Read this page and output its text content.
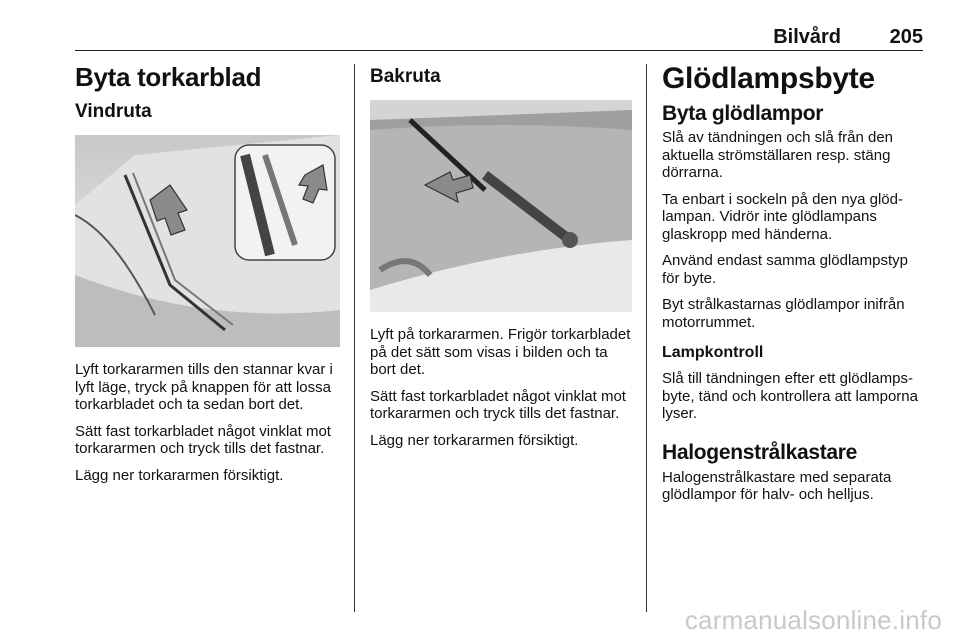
Bilvård 205
Byta torkarblad
Vindruta

Lyft torkararmen tills den stannar kvar i lyft läge, tryck på knappen för att lossa torkarbladet och ta sedan bort det.

Sätt fast torkarbladet något vinklat mot torkararmen och tryck tills det fastnar.

Lägg ner torkararmen försiktigt.

Bakruta

Lyft på torkararmen. Frigör torkarbladet på det sätt som visas i bilden och ta bort det.

Sätt fast torkarbladet något vinklat mot torkararmen och tryck tills det fastnar.

Lägg ner torkararmen försiktigt.

Glödlampsbyte
Byta glödlampor

Slå av tändningen och slå från den aktuella strömställaren resp. stäng dörrarna.

Ta enbart i sockeln på den nya glödlampan. Vidrör inte glödlampans glaskropp med händerna.

Använd endast samma glödlampstyp för byte.

Byt strålkastarnas glödlampor inifrån motorrummet.

Lampkontroll

Slå till tändningen efter ett glödlampsbyte, tänd och kontrollera att lamporna lyser.

Halogenstrålkastare

Halogenstrålkastare med separata glödlampor för halv- och helljus.

carmanualsonline.info
